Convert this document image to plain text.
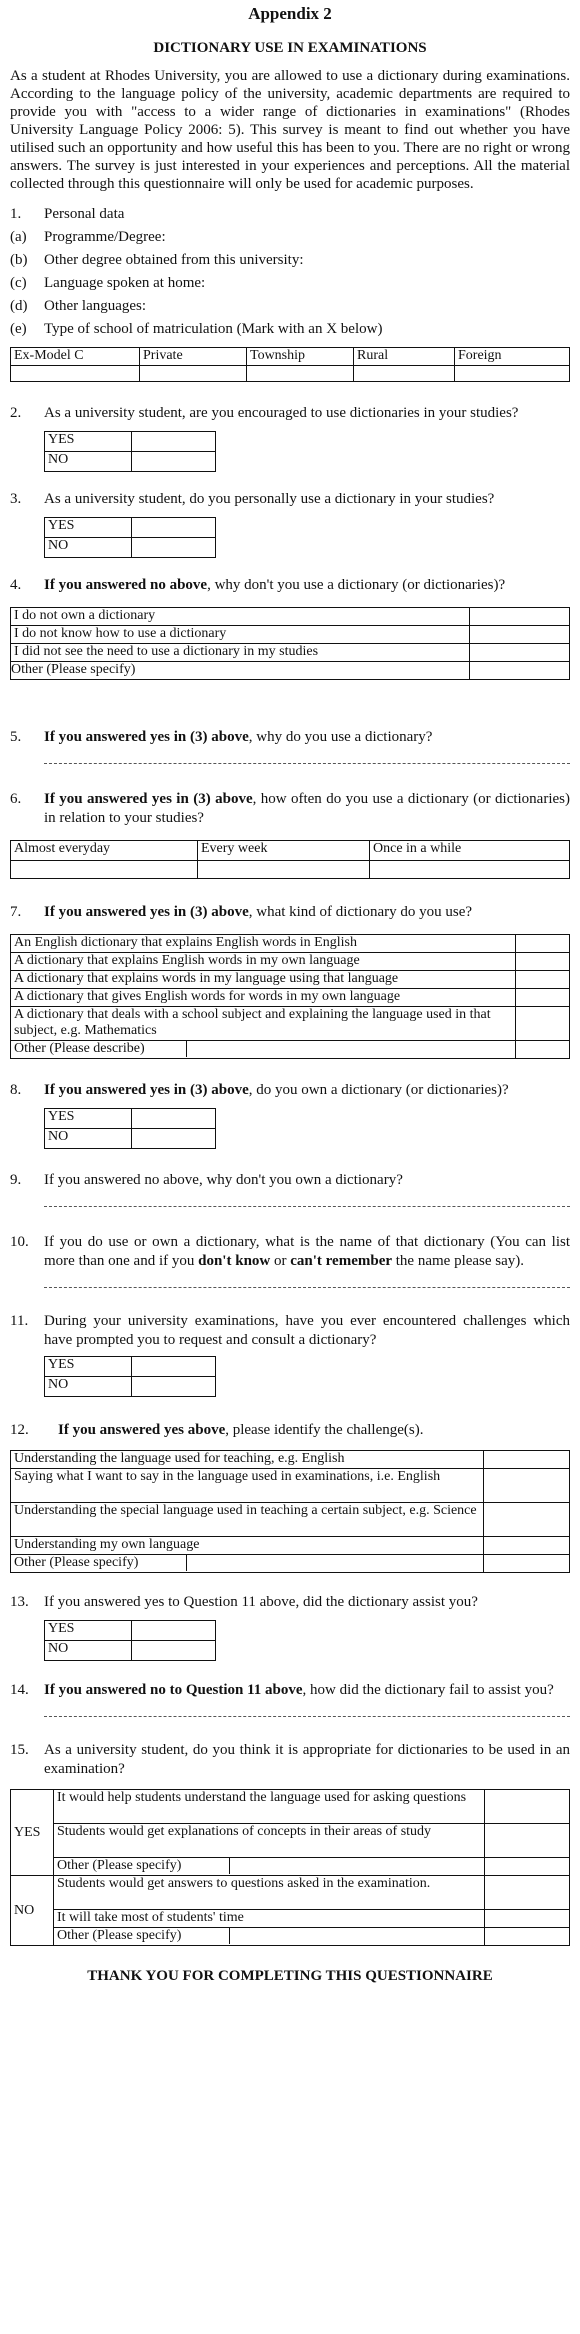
Appendix 2
DICTIONARY USE IN EXAMINATIONS
As a student at Rhodes University, you are allowed to use a dictionary during examinations. According to the language policy of the university, academic departments are required to provide you with "access to a wider range of dictionaries in examinations" (Rhodes University Language Policy 2006: 5). This survey is meant to find out whether you have utilised such an opportunity and how useful this has been to you. There are no right or wrong answers. The survey is just interested in your experiences and perceptions. All the material collected through this questionnaire will only be used for academic purposes.
1.	Personal data
(a)	Programme/Degree:
(b)	Other degree obtained from this university:
(c)	Language spoken at home:
(d)	Other languages:
(e)	Type of school of matriculation (Mark with an X below)
Ex-Model C	Private	Township	Rural	Foreign

2.	As a university student, are you encouraged to use dictionaries in your studies?
YES	
NO	
3.	As a university student, do you personally use a dictionary in your studies?
YES	
NO	
4.	If you answered no above, why don't you use a dictionary (or dictionaries)?
I do not own a dictionary	
I do not know how to use a dictionary	
I did not see the need to use a dictionary in my studies	
Other (Please specify)	
5.	If you answered yes in (3) above, why do you use a dictionary?
6.	If you answered yes in (3) above, how often do you use a dictionary (or dictionaries) in relation to your studies?
Almost everyday	Every week	Once in a while

7.	If you answered yes in (3) above, what kind of dictionary do you use?
An English dictionary that explains English words in English	
A dictionary that explains English words in my own language	
A dictionary that explains words in my language using that language	
A dictionary that gives English words for words in my own language	
A dictionary that deals with a school subject and explaining the language used in that subject, e.g. Mathematics	
Other (Please describe)	
8.	If you answered yes in (3) above, do you own a dictionary (or dictionaries)?
YES	
NO	
9.	If you answered no above, why don't you own a dictionary?
10.	If you do use or own a dictionary, what is the name of that dictionary (You can list more than one and if you don't know or can't remember the name please say).
11.	During your university examinations, have you ever encountered challenges which have prompted you to request and consult a dictionary?
YES	
NO	
12.	If you answered yes above, please identify the challenge(s).
Understanding the language used for teaching, e.g. English	
Saying what I want to say in the language used in examinations, i.e. English	
Understanding the special language used in teaching a certain subject, e.g. Science	
Understanding my own language	
Other (Please specify)	
13.	If you answered yes to Question 11 above, did the dictionary assist you?
YES	
NO	
14.	If you answered no to Question 11 above, how did the dictionary fail to assist you?
15.	As a university student, do you think it is appropriate for dictionaries to be used in an examination?
YES	It would help students understand the language used for asking questions	
	Students would get explanations of concepts in their areas of study	
	Other (Please specify)	
NO	Students would get answers to questions asked in the examination.	
	It will take most of students' time	
	Other (Please specify)	
THANK YOU FOR COMPLETING THIS QUESTIONNAIRE
